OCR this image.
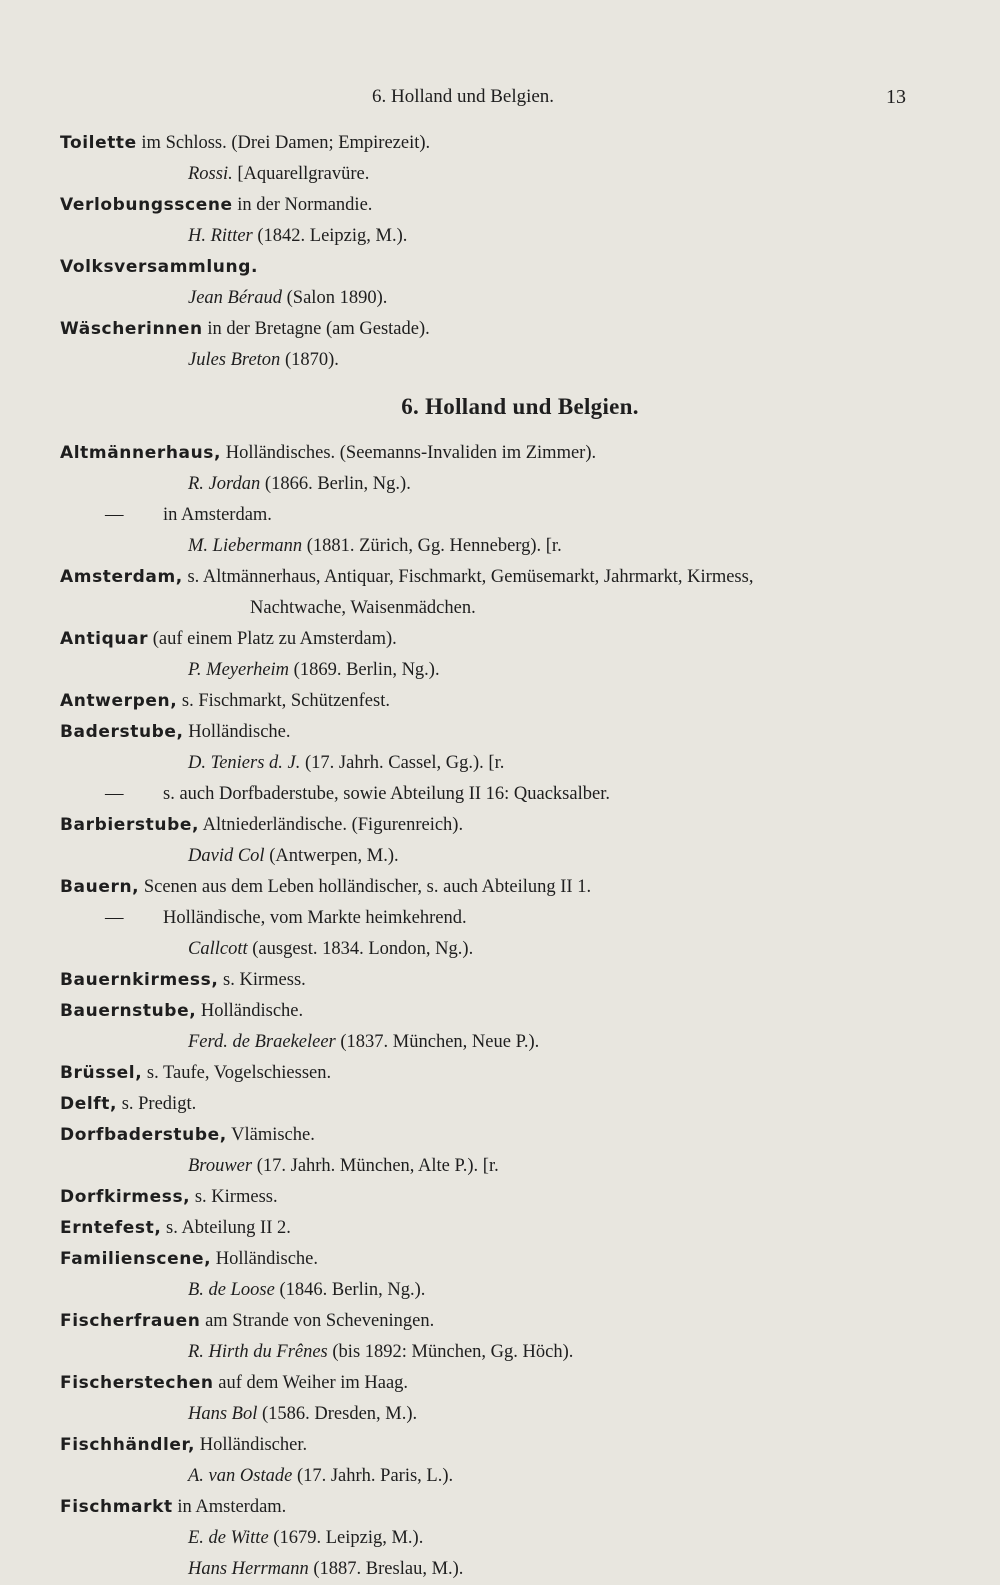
6. Holland und Belgien.	13
Toilette im Schloss. (Drei Damen; Empirezeit).
Rossi. [Aquarellgravüre.
Verlobungsscene in der Normandie.
H. Ritter (1842. Leipzig, M.).
Volksversammlung.
Jean Béraud (Salon 1890).
Wäscherinnen in der Bretagne (am Gestade).
Jules Breton (1870).
6. Holland und Belgien.
Altmännerhaus, Holländisches. (Seemanns-Invaliden im Zimmer).
R. Jordan (1866. Berlin, Ng.).
— in Amsterdam.
M. Liebermann (1881. Zürich, Gg. Henneberg). [r.
Amsterdam, s. Altmännerhaus, Antiquar, Fischmarkt, Gemüsemarkt, Jahrmarkt, Kirmess,
Nachtwache, Waisenmädchen.
Antiquar (auf einem Platz zu Amsterdam).
P. Meyerheim (1869. Berlin, Ng.).
Antwerpen, s. Fischmarkt, Schützenfest.
Baderstube, Holländische.
D. Teniers d. J. (17. Jahrh. Cassel, Gg.). [r.
— s. auch Dorfbaderstube, sowie Abteilung II 16: Quacksalber.
Barbierstube, Altniederländische. (Figurenreich).
David Col (Antwerpen, M.).
Bauern, Scenen aus dem Leben holländischer, s. auch Abteilung II 1.
— Holländische, vom Markte heimkehrend.
Callcott (ausgest. 1834. London, Ng.).
Bauernkirmess, s. Kirmess.
Bauernstube, Holländische.
Ferd. de Braekeleer (1837. München, Neue P.).
Brüssel, s. Taufe, Vogelschiessen.
Delft, s. Predigt.
Dorfbaderstube, Vlämische.
Brouwer (17. Jahrh. München, Alte P.). [r.
Dorfkirmess, s. Kirmess.
Erntefest, s. Abteilung II 2.
Familienscene, Holländische.
B. de Loose (1846. Berlin, Ng.).
Fischerfrauen am Strande von Scheveningen.
R. Hirth du Frênes (bis 1892: München, Gg. Höch).
Fischerstechen auf dem Weiher im Haag.
Hans Bol (1586. Dresden, M.).
Fischhändler, Holländischer.
A. van Ostade (17. Jahrh. Paris, L.).
Fischmarkt in Amsterdam.
E. de Witte (1679. Leipzig, M.).
Hans Herrmann (1887. Breslau, M.).
